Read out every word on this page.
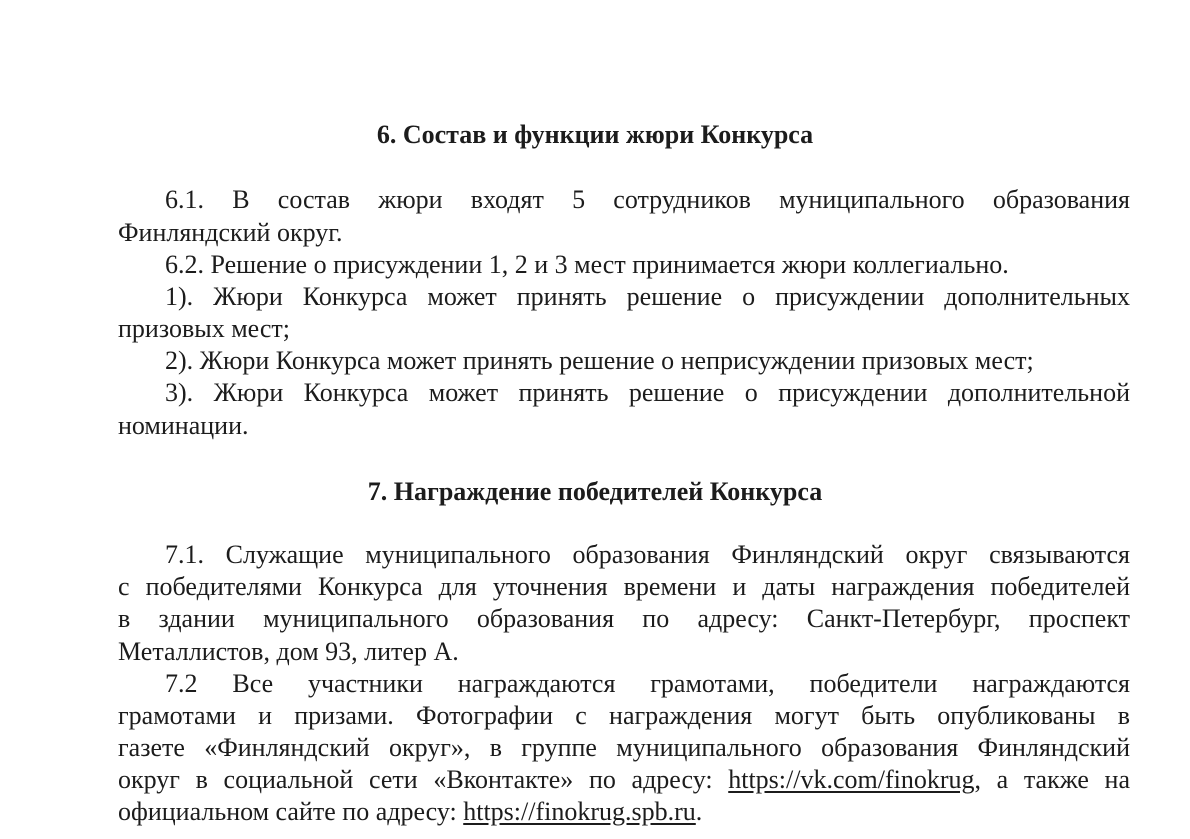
6. Состав и функции жюри Конкурса
6.1. В состав жюри входят 5 сотрудников муниципального образования
Финляндский округ.
6.2. Решение о присуждении 1, 2 и 3 мест принимается жюри коллегиально.
1). Жюри Конкурса может принять решение о присуждении дополнительных
призовых мест;
2). Жюри Конкурса может принять решение о неприсуждении призовых мест;
3). Жюри Конкурса может принять решение о присуждении дополнительной
номинации.
7. Награждение победителей Конкурса
7.1. Служащие муниципального образования Финляндский округ связываются
с победителями Конкурса для уточнения времени и даты награждения победителей
в здании муниципального образования по адресу: Санкт-Петербург, проспект
Металлистов, дом 93, литер А.
7.2 Все участники награждаются грамотами, победители награждаются
грамотами и призами. Фотографии с награждения могут быть опубликованы в
газете «Финляндский округ», в группе муниципального образования Финляндский
округ в социальной сети «Вконтакте» по адресу: https://vk.com/finokrug, а также на
официальном сайте по адресу: https://finokrug.spb.ru.
